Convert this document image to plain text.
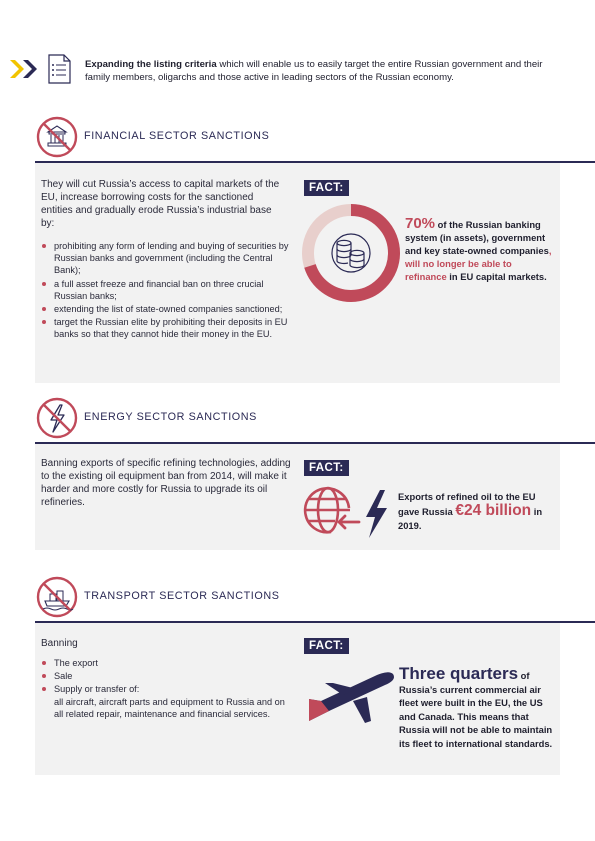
Expanding the listing criteria which will enable us to easily target the entire Russian government and their family members, oligarchs and those active in leading sectors of the Russian economy.
FINANCIAL SECTOR SANCTIONS
They will cut Russia’s access to capital markets of the EU, increase borrowing costs for the sanctioned entities and gradually erode Russia’s industrial base by:
prohibiting any form of lending and buying of securities by Russian banks and government (including the Central Bank);
a full asset freeze and financial ban on three crucial Russian banks;
extending the list of state-owned companies sanctioned;
target the Russian elite by prohibiting their deposits in EU banks so that they cannot hide their money in the EU.
FACT:
70% of the Russian banking system (in assets), government and key state-owned companies, will no longer be able to refinance in EU capital markets.
ENERGY SECTOR SANCTIONS
Banning exports of specific refining technologies, adding to the existing oil equipment ban from 2014, will make it harder and more costly for Russia to upgrade its oil refineries.
FACT:
Exports of refined oil to the EU gave Russia €24 billion in 2019.
TRANSPORT SECTOR SANCTIONS
Banning
The export
Sale
Supply or transfer of:
all aircraft, aircraft parts and equipment to Russia and on all related repair, maintenance and financial services.
FACT:
Three quarters of
Russia’s current commercial air fleet were built in the EU, the US and Canada. This means that Russia will not be able to maintain its fleet to international standards.
